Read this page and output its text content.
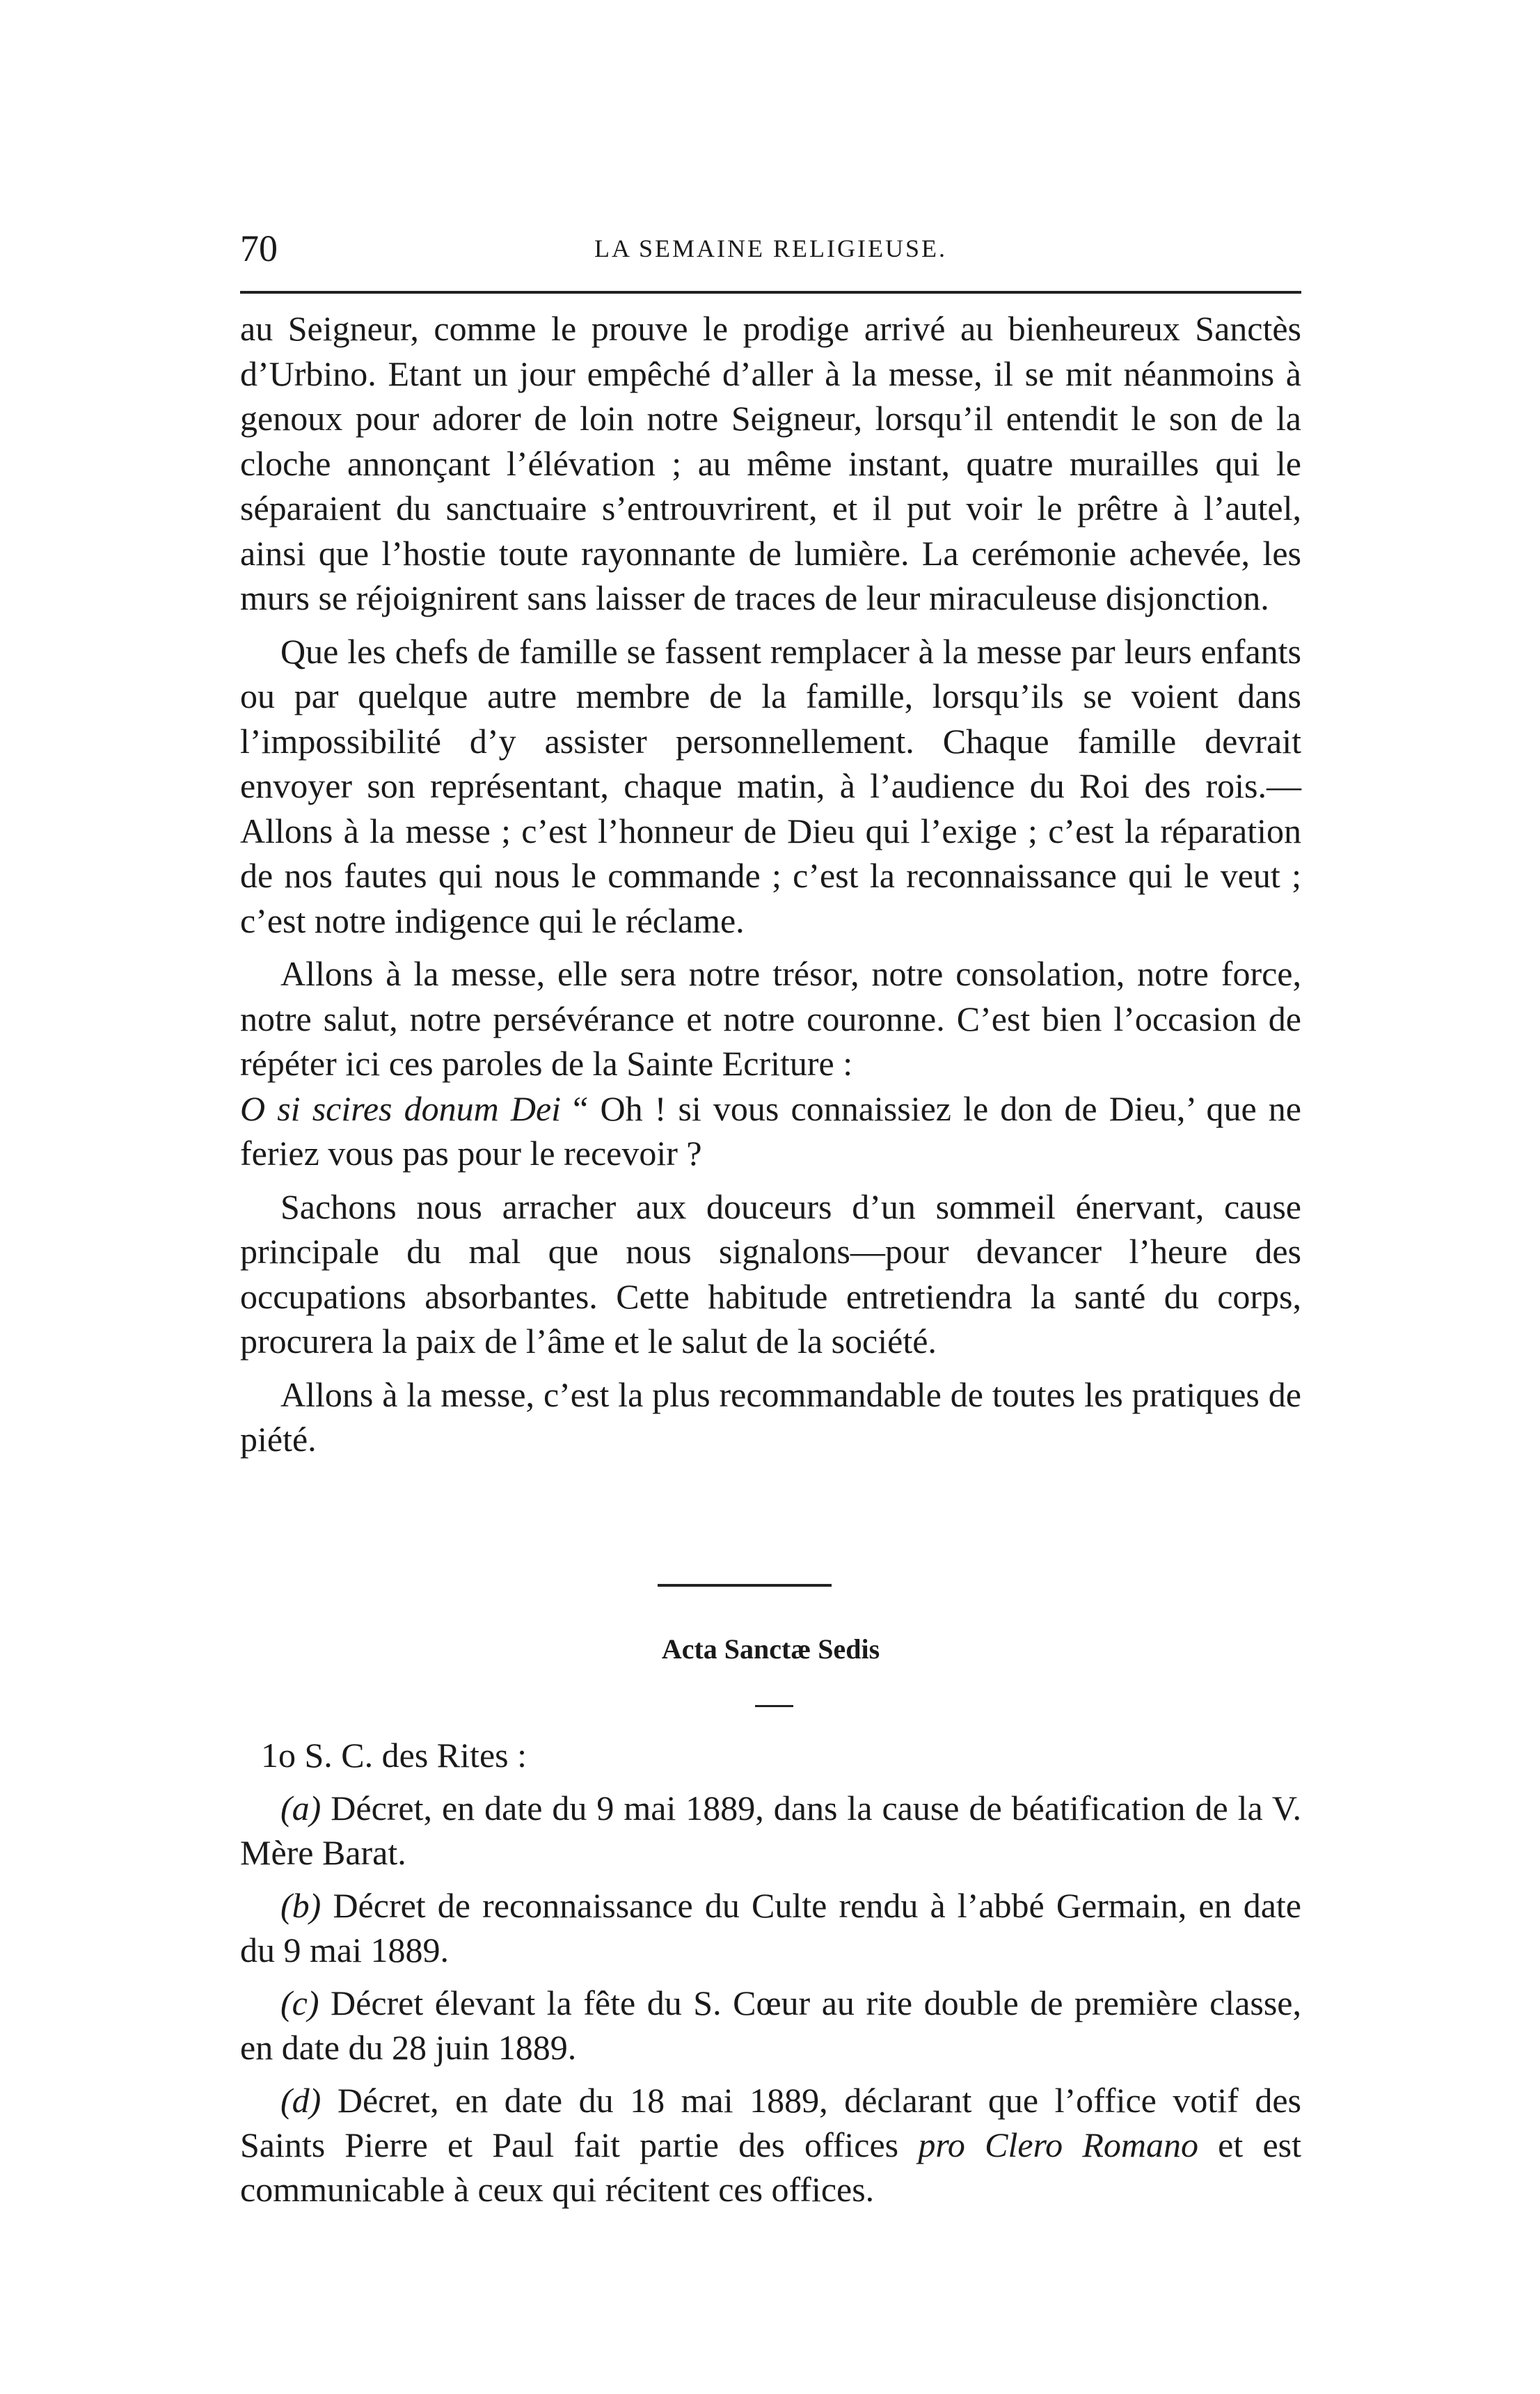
70	LA SEMAINE RELIGIEUSE.

au Seigneur, comme le prouve le prodige arrivé au bienheureux Sanctès d’Urbino. Etant un jour empêché d’aller à la messe, il se mit néanmoins à genoux pour adorer de loin notre Seigneur, lorsqu’il entendit le son de la cloche annonçant l’élévation ; au même instant, quatre murailles qui le séparaient du sanctuaire s’entrouvrirent, et il put voir le prêtre à l’autel, ainsi que l’hostie toute rayonnante de lumière. La cerémonie achevée, les murs se réjoignirent sans laisser de traces de leur miraculeuse disjonction.

Que les chefs de famille se fassent remplacer à la messe par leurs enfants ou par quelque autre membre de la famille, lorsqu’ils se voient dans l’impossibilité d’y assister personnellement. Chaque famille devrait envoyer son représentant, chaque matin, à l’audience du Roi des rois.—Allons à la messe ; c’est l’honneur de Dieu qui l’exige ; c’est la réparation de nos fautes qui nous le commande ; c’est la reconnaissance qui le veut ; c’est notre indigence qui le réclame.

Allons à la messe, elle sera notre trésor, notre consolation, notre force, notre salut, notre persévérance et notre couronne. C’est bien l’occasion de répéter ici ces paroles de la Sainte Ecriture :
O si scires donum Dei “ Oh ! si vous connaissiez le don de Dieu,’ que ne feriez vous pas pour le recevoir ?

Sachons nous arracher aux douceurs d’un sommeil énervant, cause principale du mal que nous signalons—pour devancer l’heure des occupations absorbantes. Cette habitude entretiendra la santé du corps, procurera la paix de l’âme et le salut de la société.

Allons à la messe, c’est la plus recommandable de toutes les pratiques de piété.

Acta Sanctæ Sedis

1o S. C. des Rites :

(a) Décret, en date du 9 mai 1889, dans la cause de béatification de la V. Mère Barat.

(b) Décret de reconnaissance du Culte rendu à l’abbé Germain, en date du 9 mai 1889.

(c) Décret élevant la fête du S. Cœur au rite double de première classe, en date du 28 juin 1889.

(d) Décret, en date du 18 mai 1889, déclarant que l’office votif des Saints Pierre et Paul fait partie des offices pro Clero Romano et est communicable à ceux qui récitent ces offices.
